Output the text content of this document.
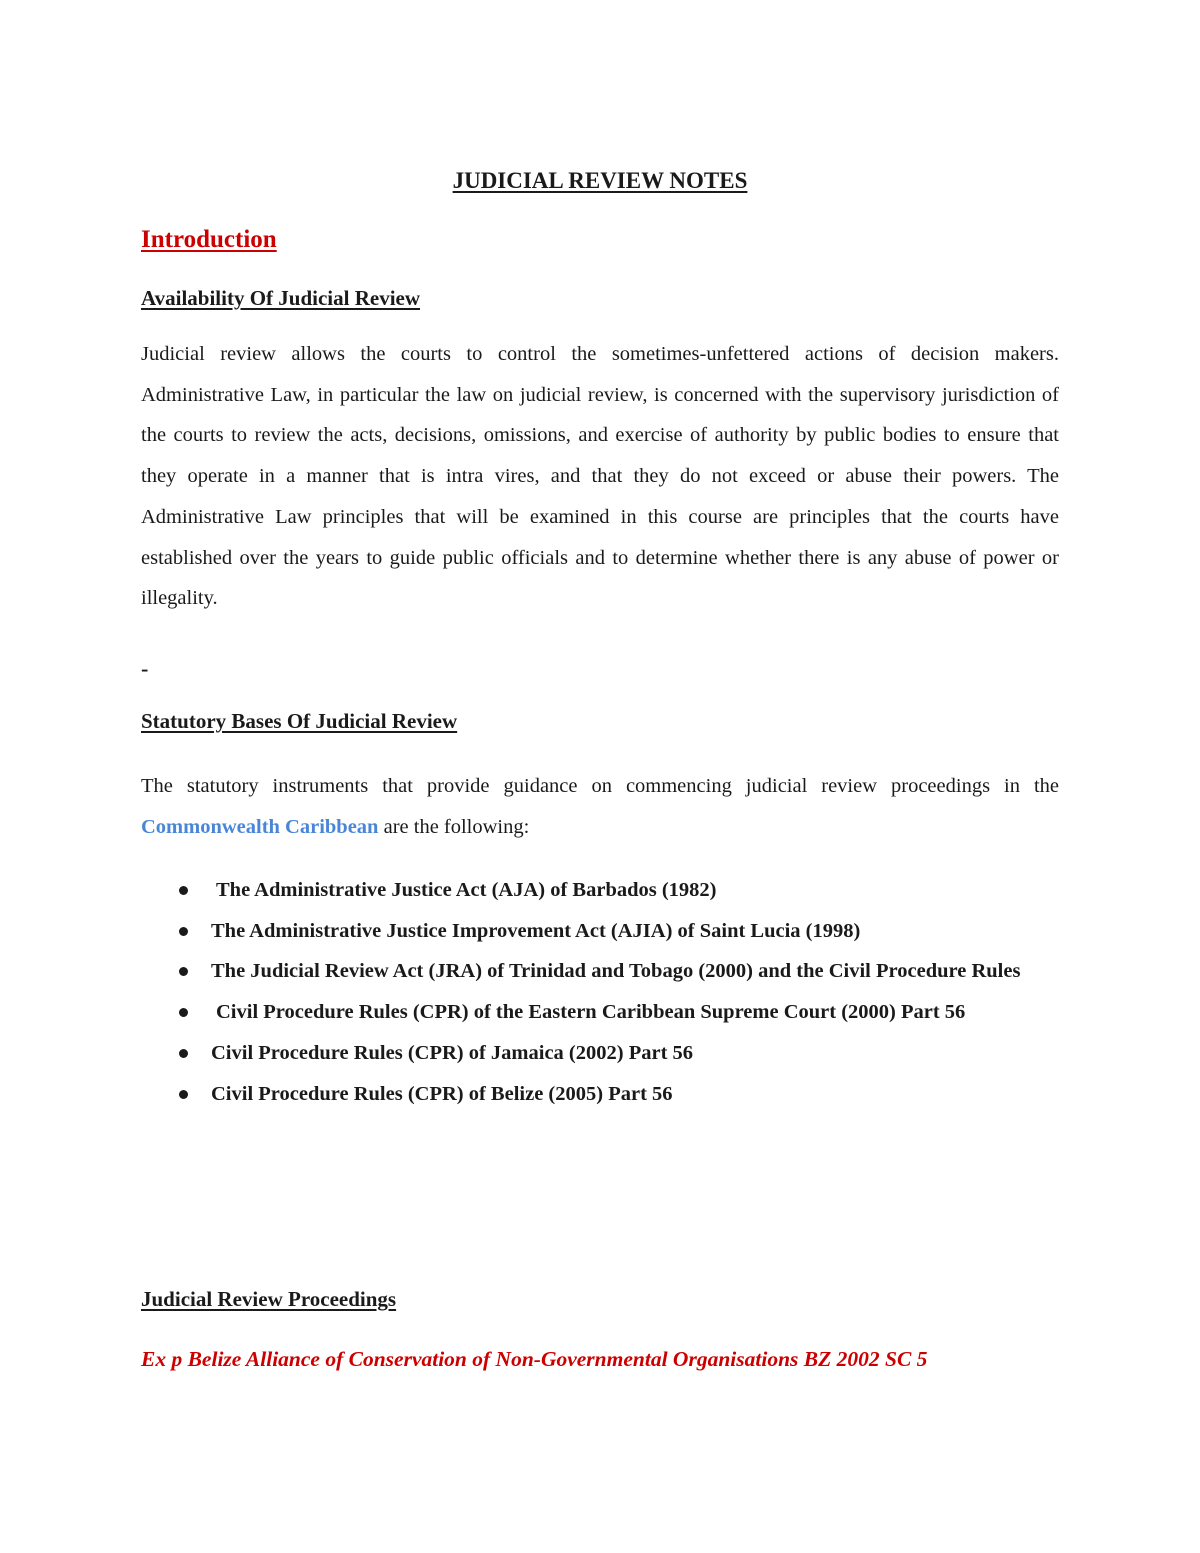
JUDICIAL REVIEW NOTES
Introduction
Availability Of Judicial Review

Judicial review allows the courts to control the sometimes-unfettered actions of decision makers. Administrative Law, in particular the law on judicial review, is concerned with the supervisory jurisdiction of the courts to review the acts, decisions, omissions, and exercise of authority by public bodies to ensure that they operate in a manner that is intra vires, and that they do not exceed or abuse their powers. The Administrative Law principles that will be examined in this course are principles that the courts have established over the years to guide public officials and to determine whether there is any abuse of power or illegality.

-

Statutory Bases Of Judicial Review

The statutory instruments that provide guidance on commencing judicial review proceedings in the Commonwealth Caribbean are the following:

The Administrative Justice Act (AJA) of Barbados (1982)
The Administrative Justice Improvement Act (AJIA) of Saint Lucia (1998)
The Judicial Review Act (JRA) of Trinidad and Tobago (2000) and the Civil Procedure Rules
Civil Procedure Rules (CPR) of the Eastern Caribbean Supreme Court (2000) Part 56
Civil Procedure Rules (CPR) of Jamaica (2002) Part 56
Civil Procedure Rules (CPR) of Belize (2005) Part 56
Judicial Review Proceedings

Ex p Belize Alliance of Conservation of Non-Governmental Organisations BZ 2002 SC 5
